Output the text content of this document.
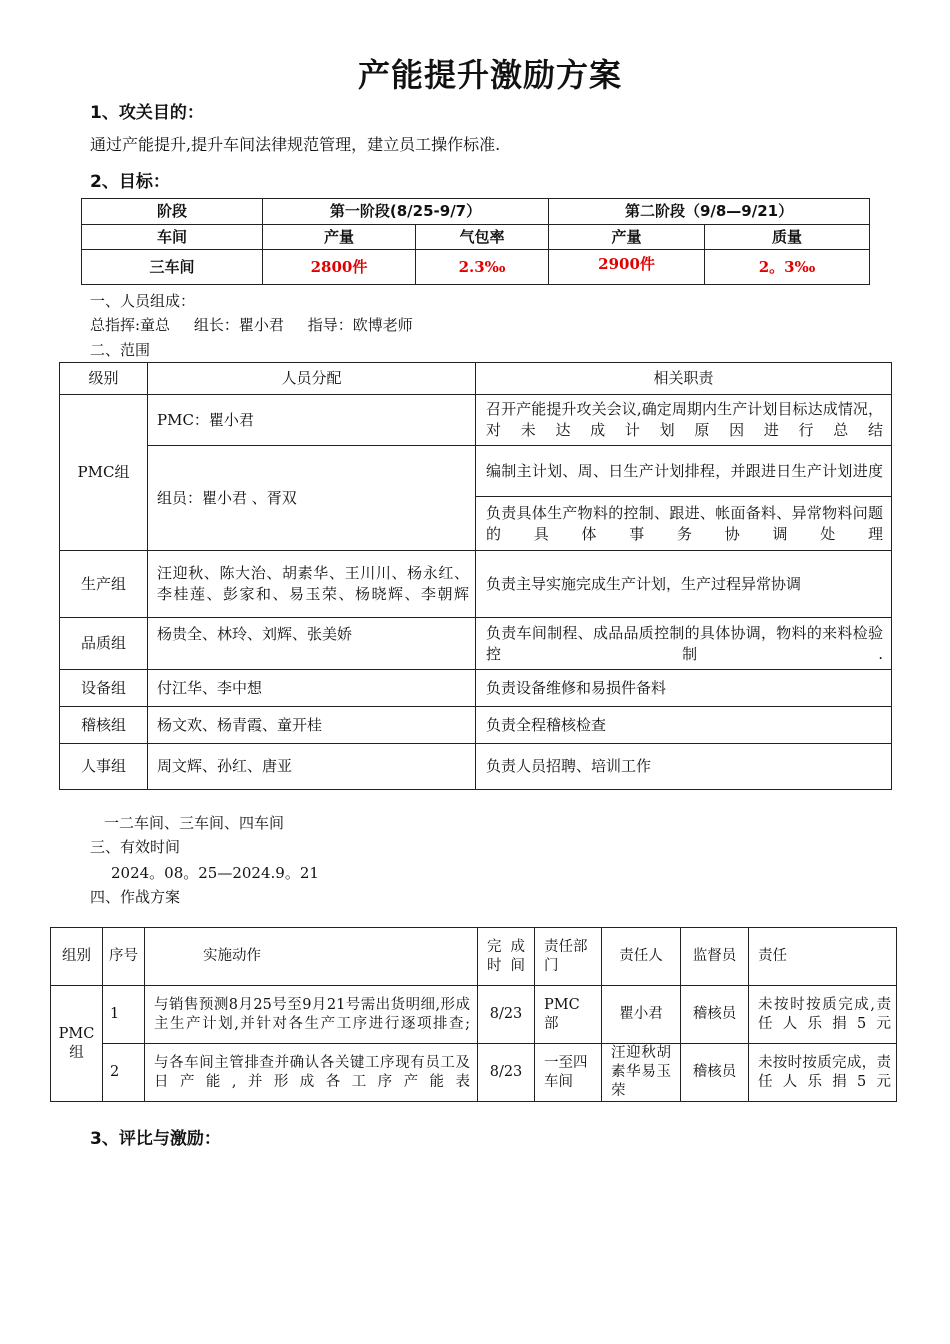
产能提升激励方案
1、攻关目的：
通过产能提升,提升车间法律规范管理，建立员工操作标准.
2、目标：
阶段	第一阶段(8/25-9/7）		第二阶段（9/8—9/21）	
车间	产量	气包率	产量	质量
三车间	2800件	2.3‰	2900件	2。3‰
一、人员组成：
总指挥:童总     组长：瞿小君     指导：欧博老师
二、范围
级别	人员分配	相关职责
PMC组	PMC：瞿小君	召开产能提升攻关会议,确定周期内生产计划目标达成情况，对未达成计划原因进行总结
	组员：瞿小君 、胥双	编制主计划、周、日生产计划排程，并跟进日生产计划进度
		负责具体生产物料的控制、跟进、帐面备料、异常物料问题的具体事务协调处理
生产组	汪迎秋、陈大治、胡素华、王川川、杨永红、李桂莲、彭家和、易玉荣、杨晓辉、李朝辉	负责主导实施完成生产计划，生产过程异常协调
品质组	杨贵全、林玲、刘辉、张美娇	负责车间制程、成品品质控制的具体协调，物料的来料检验控制.
设备组	付江华、李中想	负责设备维修和易损件备料
稽核组	杨文欢、杨青霞、童开桂	负责全程稽核检查
人事组	周文辉、孙红、唐亚	负责人员招聘、培训工作
一二车间、三车间、四车间
三、有效时间
2024。08。25—2024.9。21
四、作战方案
组别	序号	实施动作	完成时间	责任部门	责任人	监督员	责任
PMC组	1	与销售预测8月25号至9月21号需出货明细,形成主生产计划,并针对各生产工序进行逐项排查;	8/23	PMC部	瞿小君	稽核员	未按时按质完成,责任人乐捐5元
	2	与各车间主管排查并确认各关键工序现有员工及日产能,并形成各工序产能表	8/23	一至四车间	汪迎秋胡素华易玉荣	稽核员	未按时按质完成，责任人乐捐5元
3、评比与激励：
